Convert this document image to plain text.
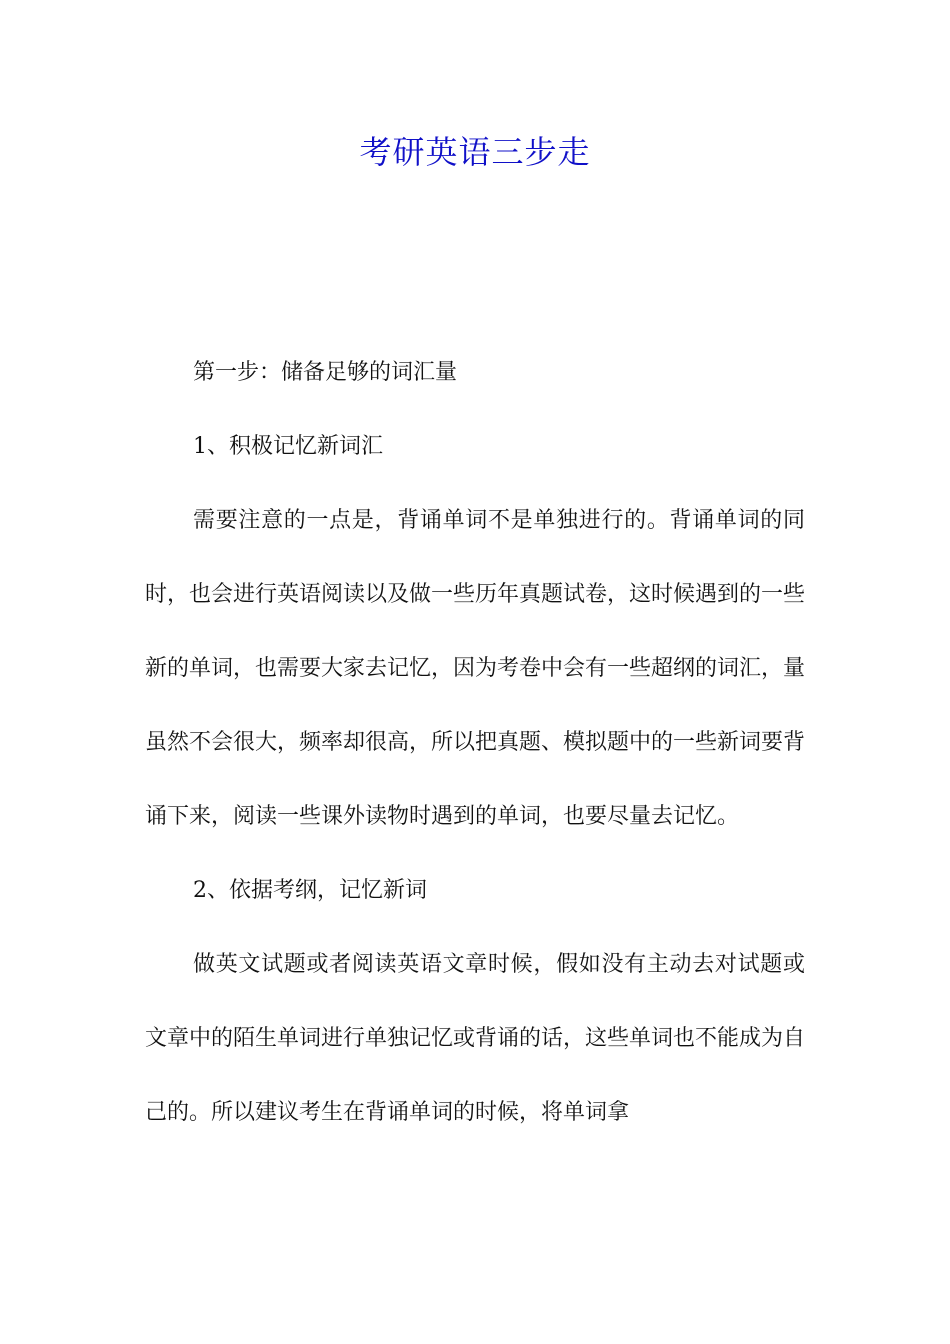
考研英语三步走

第一步：储备足够的词汇量

1、积极记忆新词汇

需要注意的一点是，背诵单词不是单独进行的。背诵单词的同时，也会进行英语阅读以及做一些历年真题试卷，这时候遇到的一些新的单词，也需要大家去记忆，因为考卷中会有一些超纲的词汇，量虽然不会很大，频率却很高，所以把真题、模拟题中的一些新词要背诵下来，阅读一些课外读物时遇到的单词，也要尽量去记忆。

2、依据考纲，记忆新词

做英文试题或者阅读英语文章时候，假如没有主动去对试题或文章中的陌生单词进行单独记忆或背诵的话，这些单词也不能成为自己的。所以建议考生在背诵单词的时候，将单词拿
